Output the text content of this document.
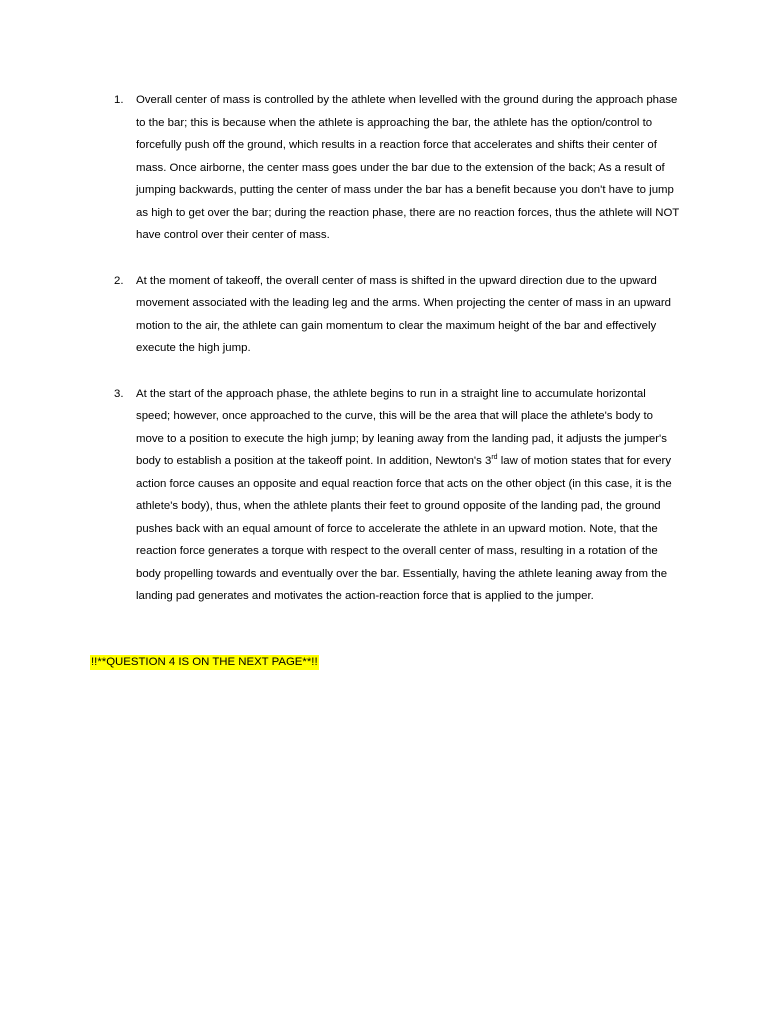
1. Overall center of mass is controlled by the athlete when levelled with the ground during the approach phase to the bar; this is because when the athlete is approaching the bar, the athlete has the option/control to forcefully push off the ground, which results in a reaction force that accelerates and shifts their center of mass. Once airborne, the center mass goes under the bar due to the extension of the back; As a result of jumping backwards, putting the center of mass under the bar has a benefit because you don't have to jump as high to get over the bar; during the reaction phase, there are no reaction forces, thus the athlete will NOT have control over their center of mass.
2. At the moment of takeoff, the overall center of mass is shifted in the upward direction due to the upward movement associated with the leading leg and the arms. When projecting the center of mass in an upward motion to the air, the athlete can gain momentum to clear the maximum height of the bar and effectively execute the high jump.
3. At the start of the approach phase, the athlete begins to run in a straight line to accumulate horizontal speed; however, once approached to the curve, this will be the area that will place the athlete's body to move to a position to execute the high jump; by leaning away from the landing pad, it adjusts the jumper's body to establish a position at the takeoff point. In addition, Newton's 3rd law of motion states that for every action force causes an opposite and equal reaction force that acts on the other object (in this case, it is the athlete's body), thus, when the athlete plants their feet to ground opposite of the landing pad, the ground pushes back with an equal amount of force to accelerate the athlete in an upward motion. Note, that the reaction force generates a torque with respect to the overall center of mass, resulting in a rotation of the body propelling towards and eventually over the bar. Essentially, having the athlete leaning away from the landing pad generates and motivates the action-reaction force that is applied to the jumper.
!!**QUESTION 4 IS ON THE NEXT PAGE**!!
